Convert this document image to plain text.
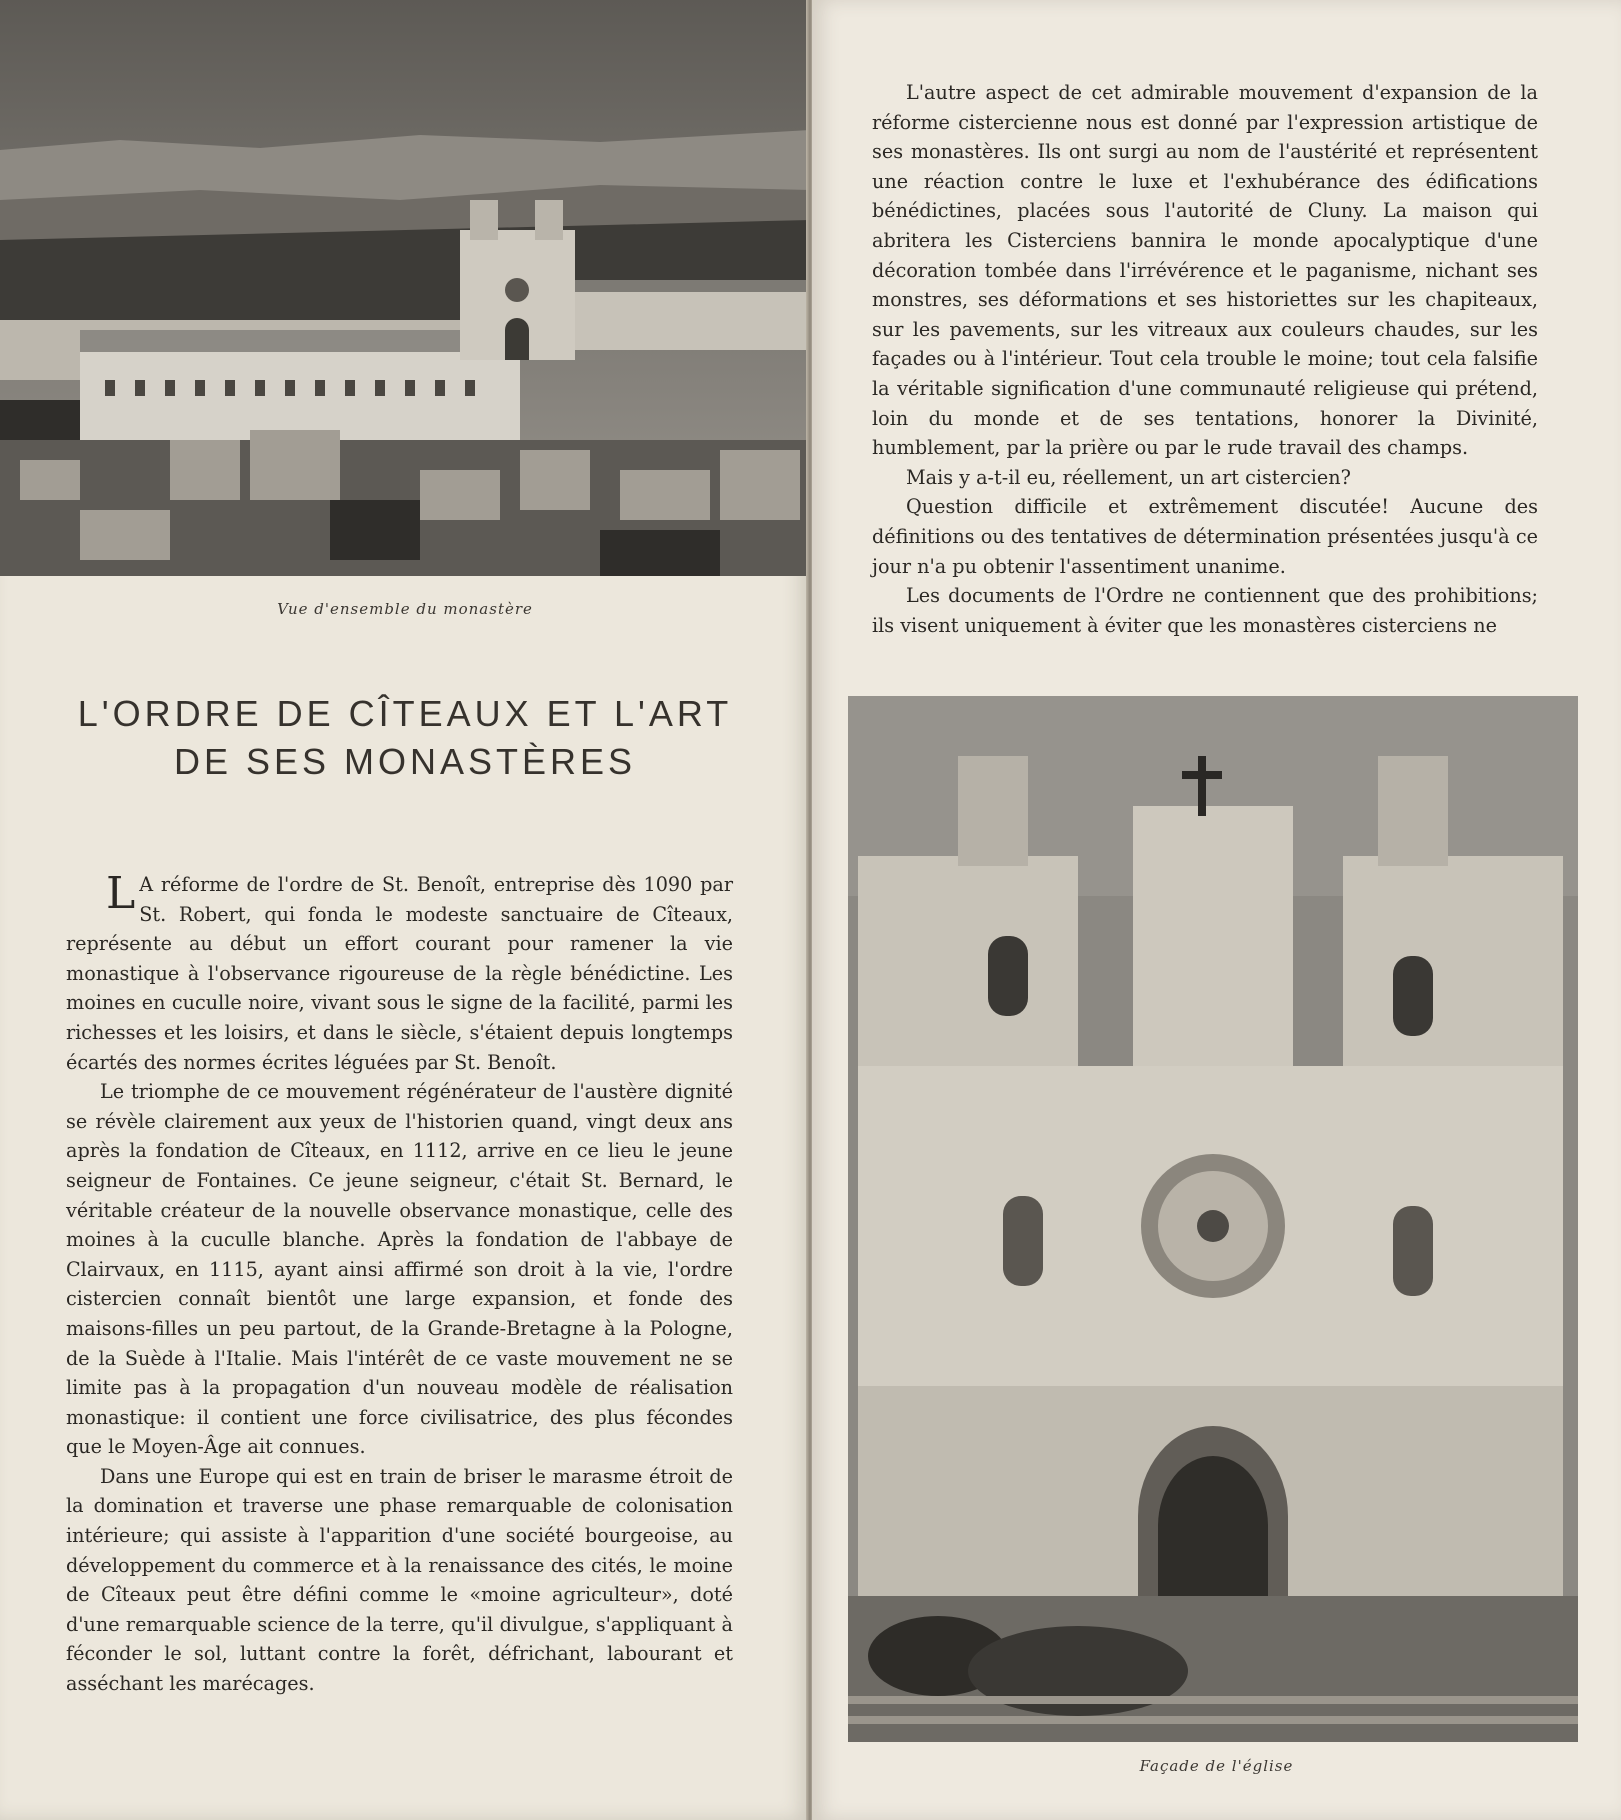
Vue d'ensemble du monastère
L'ORDRE DE CÎTEAUX ET L'ART
DE SES MONASTÈRES

L A réforme de l'ordre de St. Benoît, entreprise dès 1090 par St. Robert, qui fonda le modeste sanctuaire de Cîteaux, représente au début un effort courant pour ramener la vie monastique à l'observance rigoureuse de la règle bénédictine. Les moines en cuculle noire, vivant sous le signe de la facilité, parmi les richesses et les loisirs, et dans le siècle, s'étaient depuis longtemps écartés des normes écrites léguées par St. Benoît.

Le triomphe de ce mouvement régénérateur de l'austère dignité se révèle clairement aux yeux de l'historien quand, vingt deux ans après la fondation de Cîteaux, en 1112, arrive en ce lieu le jeune seigneur de Fontaines. Ce jeune seigneur, c'était St. Bernard, le véritable créateur de la nouvelle observance monastique, celle des moines à la cuculle blanche. Après la fondation de l'abbaye de Clairvaux, en 1115, ayant ainsi affirmé son droit à la vie, l'ordre cistercien connaît bientôt une large expansion, et fonde des maisons-filles un peu partout, de la Grande-Bretagne à la Pologne, de la Suède à l'Italie. Mais l'intérêt de ce vaste mouvement ne se limite pas à la propagation d'un nouveau modèle de réalisation monastique: il contient une force civilisatrice, des plus fécondes que le Moyen-Âge ait connues.

Dans une Europe qui est en train de briser le marasme étroit de la domination et traverse une phase remarquable de colonisation intérieure; qui assiste à l'apparition d'une société bourgeoise, au développement du commerce et à la renaissance des cités, le moine de Cîteaux peut être défini comme le «moine agriculteur», doté d'une remarquable science de la terre, qu'il divulgue, s'appliquant à féconder le sol, luttant contre la forêt, défrichant, labourant et asséchant les marécages.

L'autre aspect de cet admirable mouvement d'expansion de la réforme cistercienne nous est donné par l'expression artistique de ses monastères. Ils ont surgi au nom de l'austérité et représentent une réaction contre le luxe et l'exhubérance des édifications bénédictines, placées sous l'autorité de Cluny. La maison qui abritera les Cisterciens bannira le monde apocalyptique d'une décoration tombée dans l'irrévérence et le paganisme, nichant ses monstres, ses déformations et ses historiettes sur les chapiteaux, sur les pavements, sur les vitreaux aux couleurs chaudes, sur les façades ou à l'intérieur. Tout cela trouble le moine; tout cela falsifie la véritable signification d'une communauté religieuse qui prétend, loin du monde et de ses tentations, honorer la Divinité, humblement, par la prière ou par le rude travail des champs.

Mais y a-t-il eu, réellement, un art cistercien?

Question difficile et extrêmement discutée! Aucune des définitions ou des tentatives de détermination présentées jusqu'à ce jour n'a pu obtenir l'assentiment unanime.

Les documents de l'Ordre ne contiennent que des prohibitions; ils visent uniquement à éviter que les monastères cisterciens ne

Façade de l'église
